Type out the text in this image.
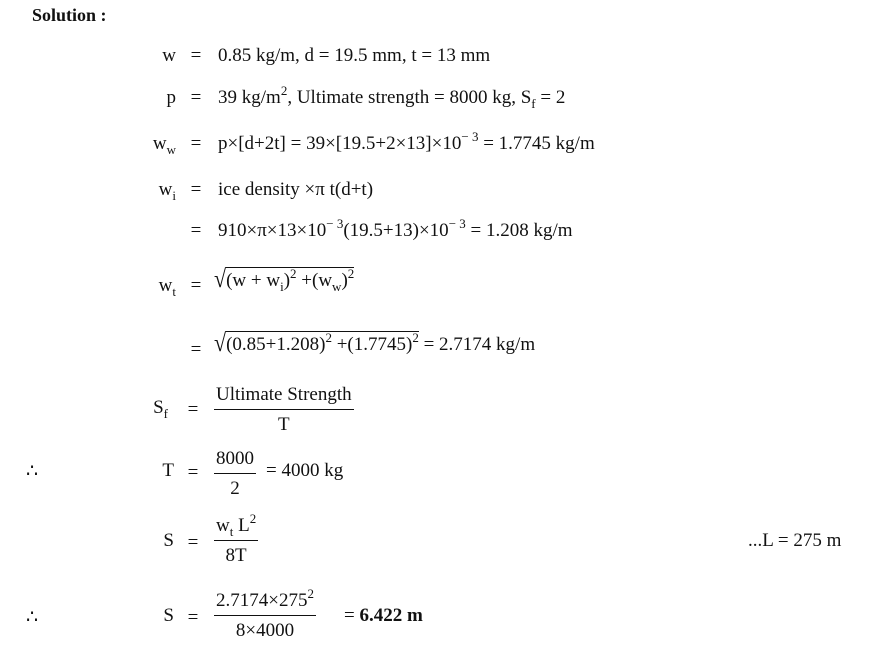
Solution :
w = 0.85 kg/m, d = 19.5 mm, t = 13 mm
p = 39 $kg/m^2$, Ultimate strength = 8000 kg, $S_f = 2$
$w_w = p\times[d+2t] = 39\times[19.5+2\times 13]\times 10^{- 3} = 1.7745$ kg/m
$w_i$ = ice density ×π t(d+t)
= $910\times\pi\times 13\times 10^{- 3}(19.5+13)\times 10^{- 3} = 1.208$ kg/m
$w_t = √(w + w_i)^2 +(w_w)^2$
= $√(0.85+1.208)^2 +(1.7745)^2 = 2.7174$ kg/m
$S_f$ =
Ultimate Strength
T
∴	$T = \frac{8000}{2} = 4000$ kg
$S = \frac{w_t L^2}{8T}$	...L = 275 m
∴	$S = \frac{2.7174\times 275^2}{8\times 4000} = 6.422$ m
